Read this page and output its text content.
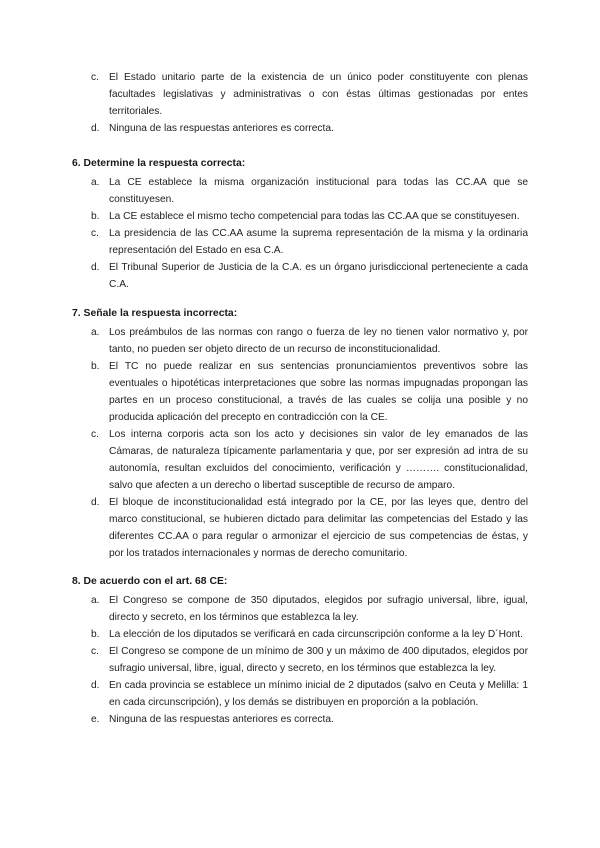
c. El Estado unitario parte de la existencia de un único poder constituyente con plenas facultades legislativas y administrativas o con éstas últimas gestionadas por entes territoriales.
d. Ninguna de las respuestas anteriores es correcta.

6. Determine la respuesta correcta:

a. La CE establece la misma organización institucional para todas las CC.AA que se constituyesen.
b. La CE establece el mismo techo competencial para todas las CC.AA que se constituyesen.
c. La presidencia de las CC.AA asume la suprema representación de la misma y la ordinaria representación del Estado en esa C.A.
d. El Tribunal Superior de Justicia de la C.A. es un órgano jurisdiccional perteneciente a cada C.A.

7. Señale la respuesta incorrecta:

a. Los preámbulos de las normas con rango o fuerza de ley no tienen valor normativo y, por tanto, no pueden ser objeto directo de un recurso de inconstitucionalidad.
b. El TC no puede realizar en sus sentencias pronunciamientos preventivos sobre las eventuales o hipotéticas interpretaciones que sobre las normas impugnadas propongan las partes en un proceso constitucional, a través de las cuales se colija una posible y no producida aplicación del precepto en contradicción con la CE.
c. Los interna corporis acta son los acto y decisiones sin valor de ley emanados de las Cámaras, de naturaleza típicamente parlamentaria y que, por ser expresión ad intra de su autonomía, resultan excluidos del conocimiento, verificación y ………. constitucionalidad, salvo que afecten a un derecho o libertad susceptible de recurso de amparo.
d. El bloque de inconstitucionalidad está integrado por la CE, por las leyes que, dentro del marco constitucional, se hubieren dictado para delimitar las competencias del Estado y las diferentes CC.AA o para regular o armonizar el ejercicio de sus competencias de éstas, y por los tratados internacionales y normas de derecho comunitario.

8. De acuerdo con el art. 68 CE:

a. El Congreso se compone de 350 diputados, elegidos por sufragio universal, libre, igual, directo y secreto, en los términos que establezca la ley.
b. La elección de los diputados se verificará en cada circunscripción conforme a la ley D´Hont.
c. El Congreso se compone de un mínimo de 300 y un máximo de 400 diputados, elegidos por sufragio universal, libre, igual, directo y secreto, en los términos que establezca la ley.
d. En cada provincia se establece un mínimo inicial de 2 diputados (salvo en Ceuta y Melilla: 1 en cada circunscripción), y los demás se distribuyen en proporción a la población.
e. Ninguna de las respuestas anteriores es correcta.
